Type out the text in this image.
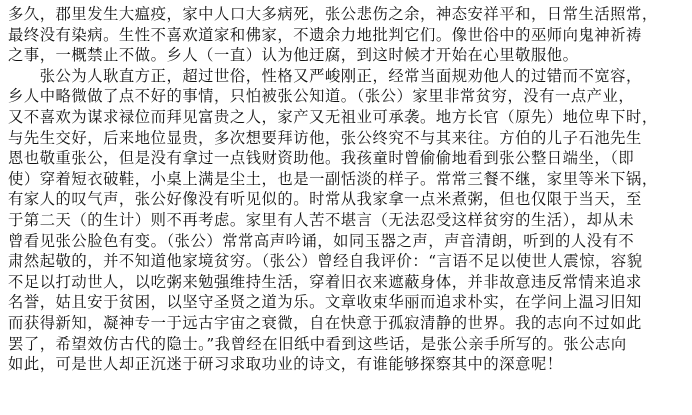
多久，郡里发生大瘟疫，家中人口大多病死，张公悲伤之余，神态安祥平和，日常生活照常，
最终没有染病。生性不喜欢道家和佛家，不遗余力地批判它们。像世俗中的巫师向鬼神祈祷
之事，一概禁止不做。乡人（一直）认为他迂腐，到这时候才开始在心里敬服他。
　　张公为人耿直方正，超过世俗，性格又严峻刚正，经常当面规劝他人的过错而不宽容，
乡人中略微做了点不好的事情，只怕被张公知道。（张公）家里非常贫穷，没有一点产业，
又不喜欢为谋求禄位而拜见富贵之人，家产又无祖业可承袭。地方长官（原先）地位卑下时，
与先生交好，后来地位显贵，多次想要拜访他，张公终究不与其来往。方伯的儿子石池先生
恩也敬重张公，但是没有拿过一点钱财资助他。我孩童时曾偷偷地看到张公整日端坐，（即
使）穿着短衣破鞋，小桌上满是尘土，也是一副恬淡的样子。常常三餐不继，家里等米下锅，
有家人的叹气声，张公好像没有听见似的。时常从我家拿一点米煮粥，但也仅限于当天，至
于第二天（的生计）则不再考虑。家里有人苦不堪言（无法忍受这样贫穷的生活），却从未
曾看见张公脸色有变。（张公）常常高声吟诵，如同玉器之声，声音清朗，听到的人没有不
肃然起敬的，并不知道他家境贫穷。（张公）曾经自我评价：“言语不足以使世人震惊，容貌
不足以打动世人，以吃粥来勉强维持生活，穿着旧衣来遮蔽身体，并非故意违反常情来追求
名誉，姑且安于贫困，以坚守圣贤之道为乐。文章收束华丽而追求朴实，在学问上温习旧知
而获得新知，凝神专一于远古宇宙之衰微，自在快意于孤寂清静的世界。我的志向不过如此
罢了，希望效仿古代的隐士。”我曾经在旧纸中看到这些话，是张公亲手所写的。张公志向
如此，可是世人却正沉迷于研习求取功业的诗文，有谁能够探察其中的深意呢！
